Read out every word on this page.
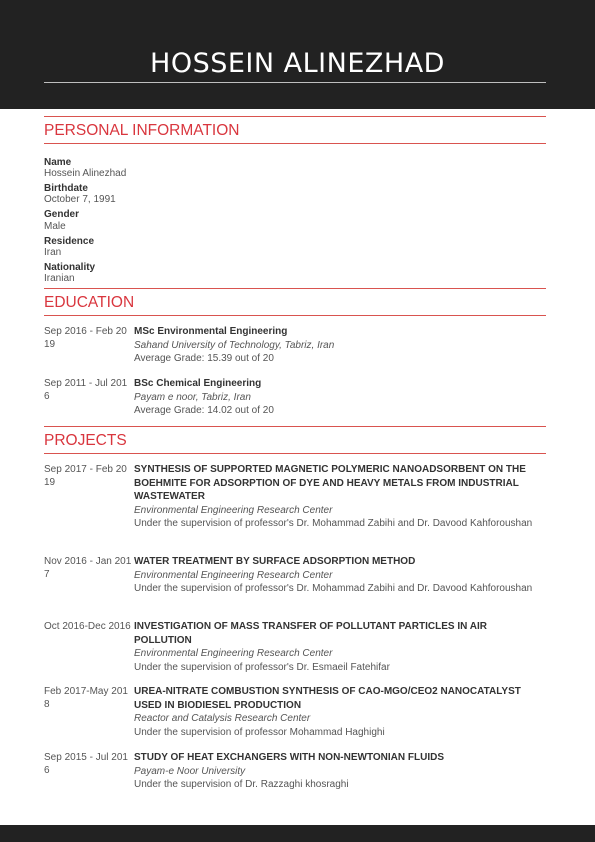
HOSSEIN ALINEZHAD
PERSONAL INFORMATION
Name
Hossein Alinezhad
Birthdate
October 7, 1991
Gender
Male
Residence
Iran
Nationality
Iranian
EDUCATION
Sep 2016 - Feb 2019
MSc Environmental Engineering
Sahand University of Technology, Tabriz, Iran
Average Grade: 15.39 out of 20
Sep 2011 - Jul 2016
BSc Chemical Engineering
Payam e noor, Tabriz, Iran
Average Grade: 14.02 out of 20
PROJECTS
Sep 2017 - Feb 2019
SYNTHESIS OF SUPPORTED MAGNETIC POLYMERIC NANOADSORBENT ON THE BOEHMITE FOR ADSORPTION OF DYE AND HEAVY METALS FROM INDUSTRIAL WASTEWATER
Environmental Engineering Research Center
Under the supervision of professor's Dr. Mohammad Zabihi and Dr. Davood Kahforoushan
Nov 2016 - Jan 2017
WATER TREATMENT BY SURFACE ADSORPTION METHOD
Environmental Engineering Research Center
Under the supervision of professor's Dr. Mohammad Zabihi and Dr. Davood Kahforoushan
Oct 2016-Dec 2016 INVESTIGATION OF MASS TRANSFER OF POLLUTANT PARTICLES IN AIR POLLUTION
Environmental Engineering Research Center
Under the supervision of professor's Dr. Esmaeil Fatehifar
Feb 2017-May 2018
UREA-NITRATE COMBUSTION SYNTHESIS OF CAO-MGO/CEO2 NANOCATALYST USED IN BIODIESEL PRODUCTION
Reactor and Catalysis Research Center
Under the supervision of professor Mohammad Haghighi
Sep 2015 - Jul 2016
STUDY OF HEAT EXCHANGERS WITH NON-NEWTONIAN FLUIDS
Payam-e Noor University
Under the supervision of Dr. Razzaghi khosraghi
